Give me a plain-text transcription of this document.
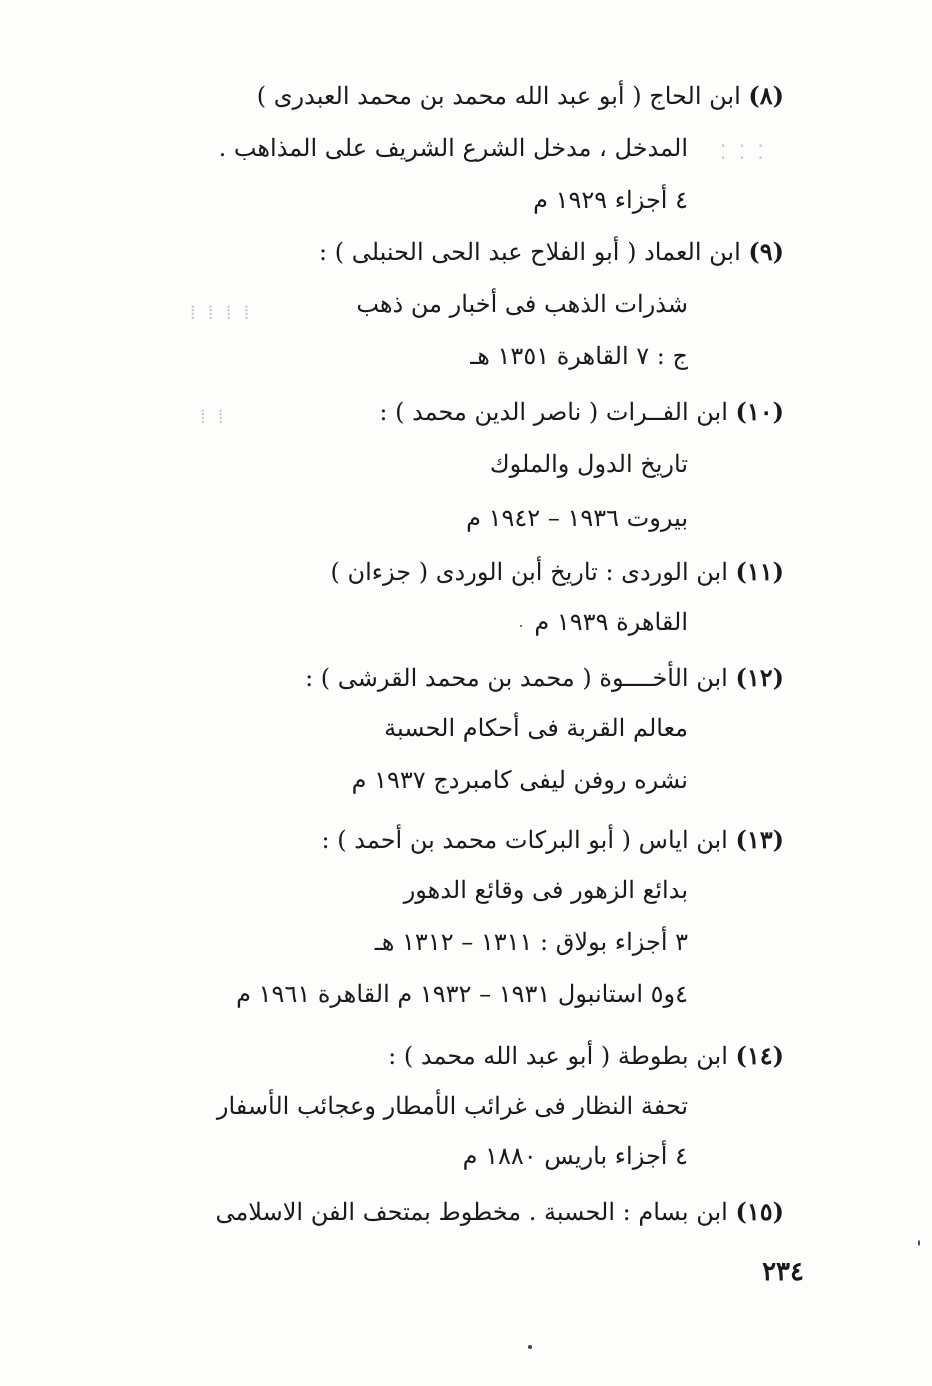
(٨) ابن الحاج ( أبو عبد الله محمد بن محمد العبدرى )
المدخل ، مدخل الشرع الشريف على المذاهب .
٤ أجزاء ١٩٢٩ م
(٩) ابن العماد ( أبو الفلاح عبد الحى الحنبلى ) :
شذرات الذهب فى أخبار من ذهب
ج : ٧ القاهرة ١٣٥١ هـ
(١٠) ابن الفــرات ( ناصر الدين محمد ) :
تاريخ الدول والملوك
بيروت ١٩٣٦ – ١٩٤٢ م
(١١) ابن الوردى : تاريخ أبن الوردى ( جزءان )
القاهرة ١٩٣٩ م
(١٢) ابن الأخــــوة ( محمد بن محمد القرشى ) :
معالم القربة فى أحكام الحسبة
نشره روفن ليفى كامبردج ١٩٣٧ م
(١٣) ابن اياس ( أبو البركات محمد بن أحمد ) :
بدائع الزهور فى وقائع الدهور
٣ أجزاء بولاق : ١٣١١ – ١٣١٢ هـ
٤و٥ استانبول ١٩٣١ – ١٩٣٢ م القاهرة ١٩٦١ م
(١٤) ابن بطوطة ( أبو عبد الله محمد ) :
تحفة النظار فى غرائب الأمطار وعجائب الأسفار
٤ أجزاء باريس ١٨٨٠ م
(١٥) ابن بسام : الحسبة . مخطوط بمتحف الفن الاسلامى
٢٣٤
⁚ ⁚ ⁚
⁞ ⁞ ⁞ ⁞
⁞ ⁞
